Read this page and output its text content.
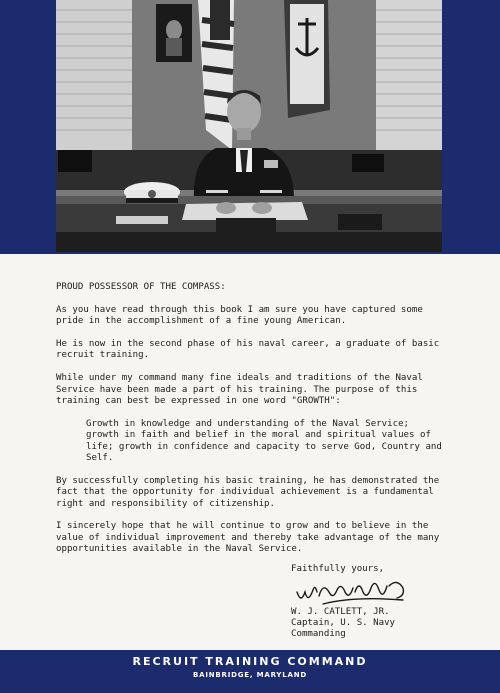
PROUD POSSESSOR OF THE COMPASS:

As you have read through this book I am sure you have captured some pride in the accomplishment of a fine young American.

He is now in the second phase of his naval career, a graduate of basic recruit training.

While under my command many fine ideals and traditions of the Naval Service have been made a part of his training. The purpose of this training can best be expressed in one word "GROWTH":

Growth in knowledge and understanding of the Naval Service; growth in faith and belief in the moral and spiritual values of life; growth in confidence and capacity to serve God, Country and Self.

By successfully completing his basic training, he has demonstrated the fact that the opportunity for individual achievement is a fundamental right and responsibility of citizenship.

I sincerely hope that he will continue to grow and to believe in the value of individual improvement and thereby take advantage of the many opportunities available in the Naval Service.

Faithfully yours,
W. J. CATLETT, JR.
Captain, U. S. Navy
Commanding
RECRUIT TRAINING COMMAND
BAINBRIDGE, MARYLAND
